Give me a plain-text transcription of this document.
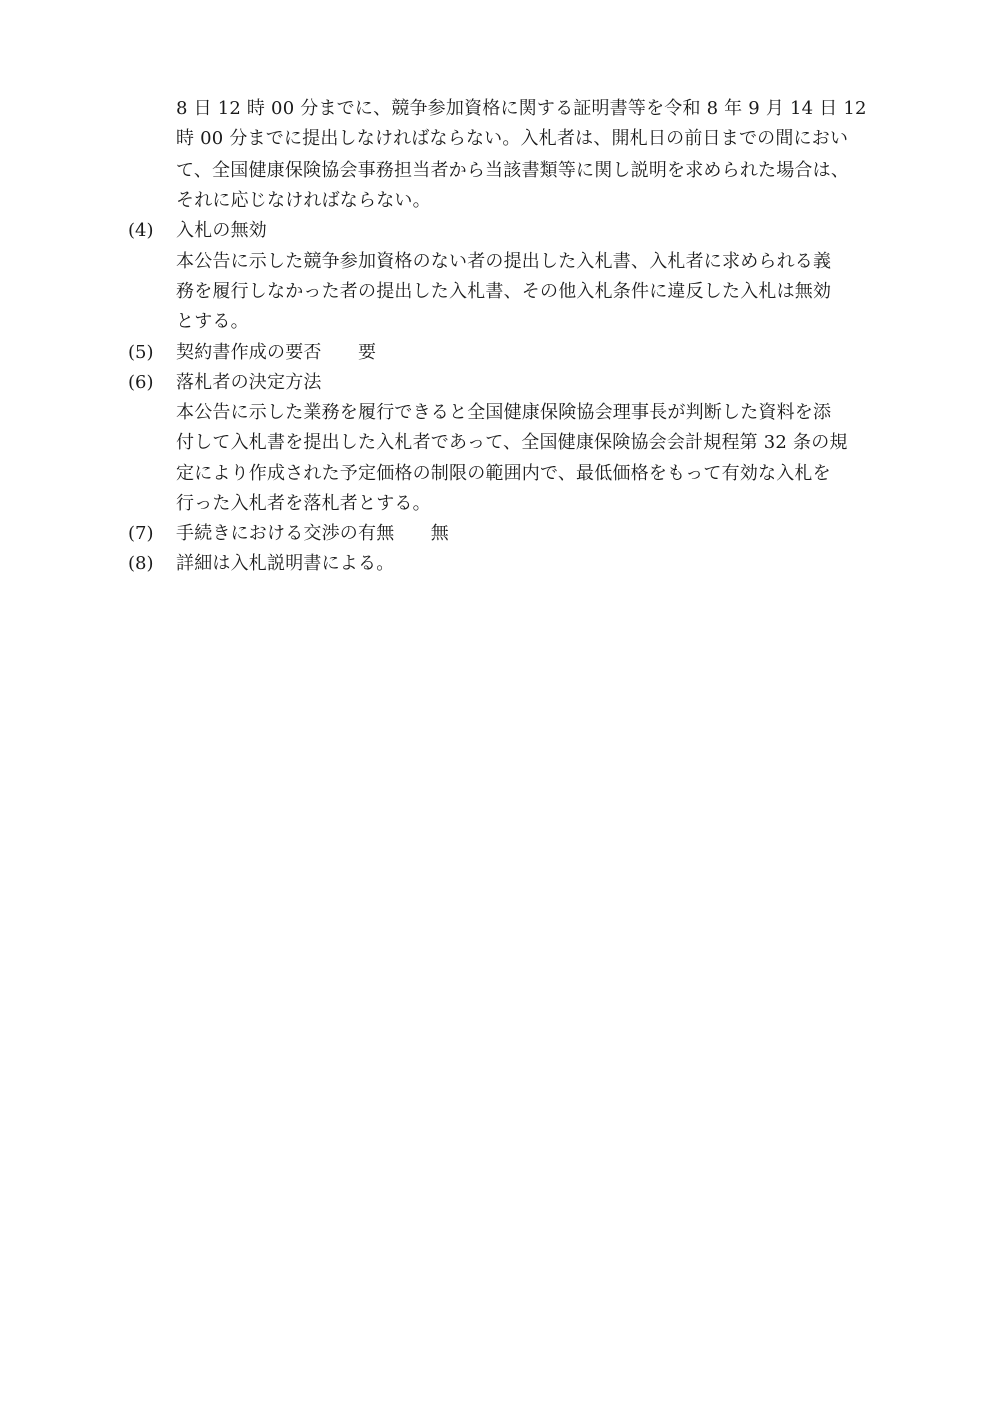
8 日 12 時 00 分までに、競争参加資格に関する証明書等を令和 8 年 9 月 14 日 12
時 00 分までに提出しなければならない。入札者は、開札日の前日までの間におい
て、全国健康保険協会事務担当者から当該書類等に関し説明を求められた場合は、
それに応じなければならない。
(4) 入札の無効
本公告に示した競争参加資格のない者の提出した入札書、入札者に求められる義
務を履行しなかった者の提出した入札書、その他入札条件に違反した入札は無効
とする。
(5) 契約書作成の要否　　要
(6) 落札者の決定方法
本公告に示した業務を履行できると全国健康保険協会理事長が判断した資料を添
付して入札書を提出した入札者であって、全国健康保険協会会計規程第 32 条の規
定により作成された予定価格の制限の範囲内で、最低価格をもって有効な入札を
行った入札者を落札者とする。
(7) 手続きにおける交渉の有無　　無
(8) 詳細は入札説明書による。
